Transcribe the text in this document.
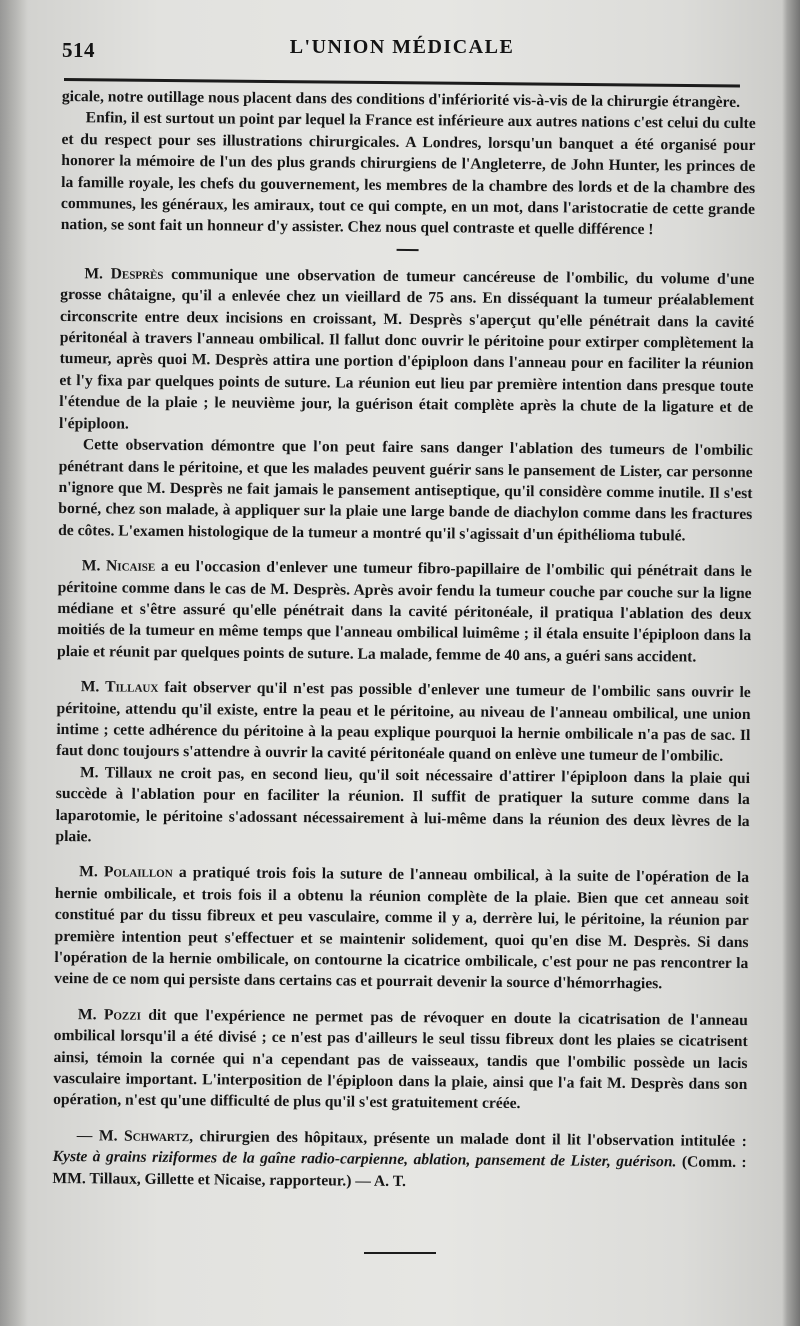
514	L'UNION MÉDICALE

gicale, notre outillage nous placent dans des conditions d'infériorité vis-à-vis de la chirurgie étrangère.

Enfin, il est surtout un point par lequel la France est inférieure aux autres nations c'est celui du culte et du respect pour ses illustrations chirurgicales. A Londres, lorsqu'un banquet a été organisé pour honorer la mémoire de l'un des plus grands chirurgiens de l'Angleterre, de John Hunter, les princes de la famille royale, les chefs du gouvernement, les membres de la chambre des lords et de la chambre des communes, les généraux, les amiraux, tout ce qui compte, en un mot, dans l'aristocratie de cette grande nation, se sont fait un honneur d'y assister. Chez nous quel contraste et quelle différence !

M. Desprès communique une observation de tumeur cancéreuse de l'ombilic, du volume d'une grosse châtaigne, qu'il a enlevée chez un vieillard de 75 ans. En disséquant la tumeur préalablement circonscrite entre deux incisions en croissant, M. Desprès s'aperçut qu'elle pénétrait dans la cavité péritonéal à travers l'anneau ombilical. Il fallut donc ouvrir le péritoine pour extirper complètement la tumeur, après quoi M. Desprès attira une portion d'épiploon dans l'anneau pour en faciliter la réunion et l'y fixa par quelques points de suture. La réunion eut lieu par première intention dans presque toute l'étendue de la plaie ; le neuvième jour, la guérison était complète après la chute de la ligature et de l'épiploon.

Cette observation démontre que l'on peut faire sans danger l'ablation des tumeurs de l'ombilic pénétrant dans le péritoine, et que les malades peuvent guérir sans le pansement de Lister, car personne n'ignore que M. Desprès ne fait jamais le pansement antiseptique, qu'il considère comme inutile. Il s'est borné, chez son malade, à appliquer sur la plaie une large bande de diachylon comme dans les fractures de côtes. L'examen histologique de la tumeur a montré qu'il s'agissait d'un épithélioma tubulé.

M. Nicaise a eu l'occasion d'enlever une tumeur fibro-papillaire de l'ombilic qui pénétrait dans le péritoine comme dans le cas de M. Desprès. Après avoir fendu la tumeur couche par couche sur la ligne médiane et s'être assuré qu'elle pénétrait dans la cavité péritonéale, il pratiqua l'ablation des deux moitiés de la tumeur en même temps que l'anneau ombilical luimême ; il étala ensuite l'épiploon dans la plaie et réunit par quelques points de suture. La malade, femme de 40 ans, a guéri sans accident.

M. Tillaux fait observer qu'il n'est pas possible d'enlever une tumeur de l'ombilic sans ouvrir le péritoine, attendu qu'il existe, entre la peau et le péritoine, au niveau de l'anneau ombilical, une union intime ; cette adhérence du péritoine à la peau explique pourquoi la hernie ombilicale n'a pas de sac. Il faut donc toujours s'attendre à ouvrir la cavité péritonéale quand on enlève une tumeur de l'ombilic.

M. Tillaux ne croit pas, en second lieu, qu'il soit nécessaire d'attirer l'épiploon dans la plaie qui succède à l'ablation pour en faciliter la réunion. Il suffit de pratiquer la suture comme dans la laparotomie, le péritoine s'adossant nécessairement à lui-même dans la réunion des deux lèvres de la plaie.

M. Polaillon a pratiqué trois fois la suture de l'anneau ombilical, à la suite de l'opération de la hernie ombilicale, et trois fois il a obtenu la réunion complète de la plaie. Bien que cet anneau soit constitué par du tissu fibreux et peu vasculaire, comme il y a, derrère lui, le péritoine, la réunion par première intention peut s'effectuer et se maintenir solidement, quoi qu'en dise M. Desprès. Si dans l'opération de la hernie ombilicale, on contourne la cicatrice ombilicale, c'est pour ne pas rencontrer la veine de ce nom qui persiste dans certains cas et pourrait devenir la source d'hémorrhagies.

M. Pozzi dit que l'expérience ne permet pas de révoquer en doute la cicatrisation de l'anneau ombilical lorsqu'il a été divisé ; ce n'est pas d'ailleurs le seul tissu fibreux dont les plaies se cicatrisent ainsi, témoin la cornée qui n'a cependant pas de vaisseaux, tandis que l'ombilic possède un lacis vasculaire important. L'interposition de l'épiploon dans la plaie, ainsi que l'a fait M. Desprès dans son opération, n'est qu'une difficulté de plus qu'il s'est gratuitement créée.

— M. Schwartz, chirurgien des hôpitaux, présente un malade dont il lit l'observation intitulée : Kyste à grains riziformes de la gaîne radio-carpienne, ablation, pansement de Lister, guérison. (Comm. : MM. Tillaux, Gillette et Nicaise, rapporteur.) — A. T.
